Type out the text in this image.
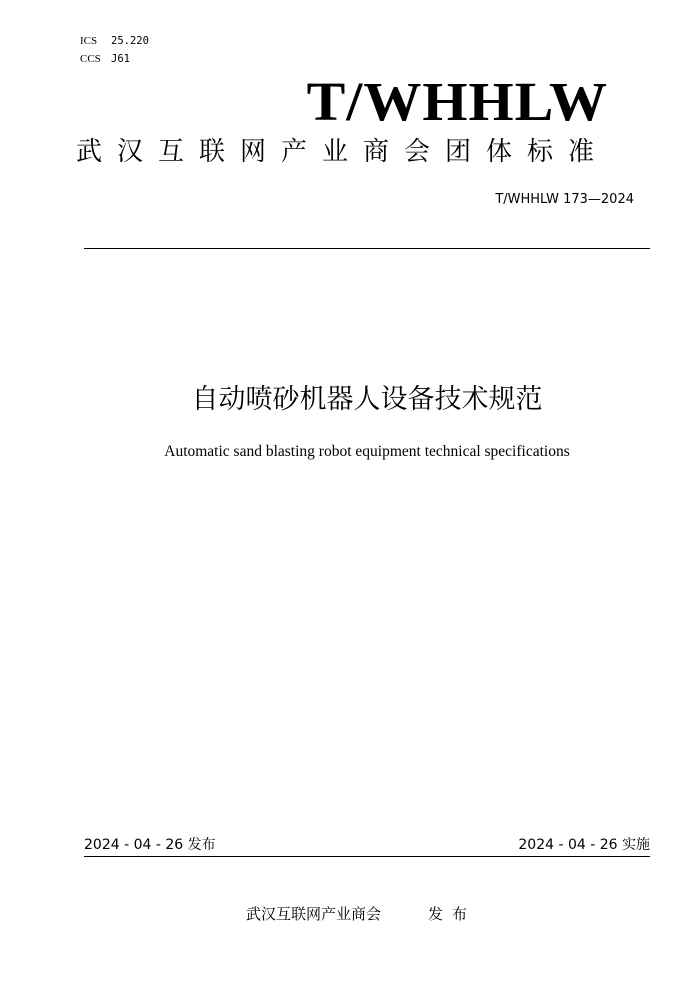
ICS 25.220
CCS J61
T/WHHLW
武汉互联网产业商会团体标准
T/WHHLW 173—2024
自动喷砂机器人设备技术规范
Automatic sand blasting robot equipment technical specifications
2024 - 04 - 26 发布	2024 - 04 - 26 实施
武汉互联网产业商会	发布
